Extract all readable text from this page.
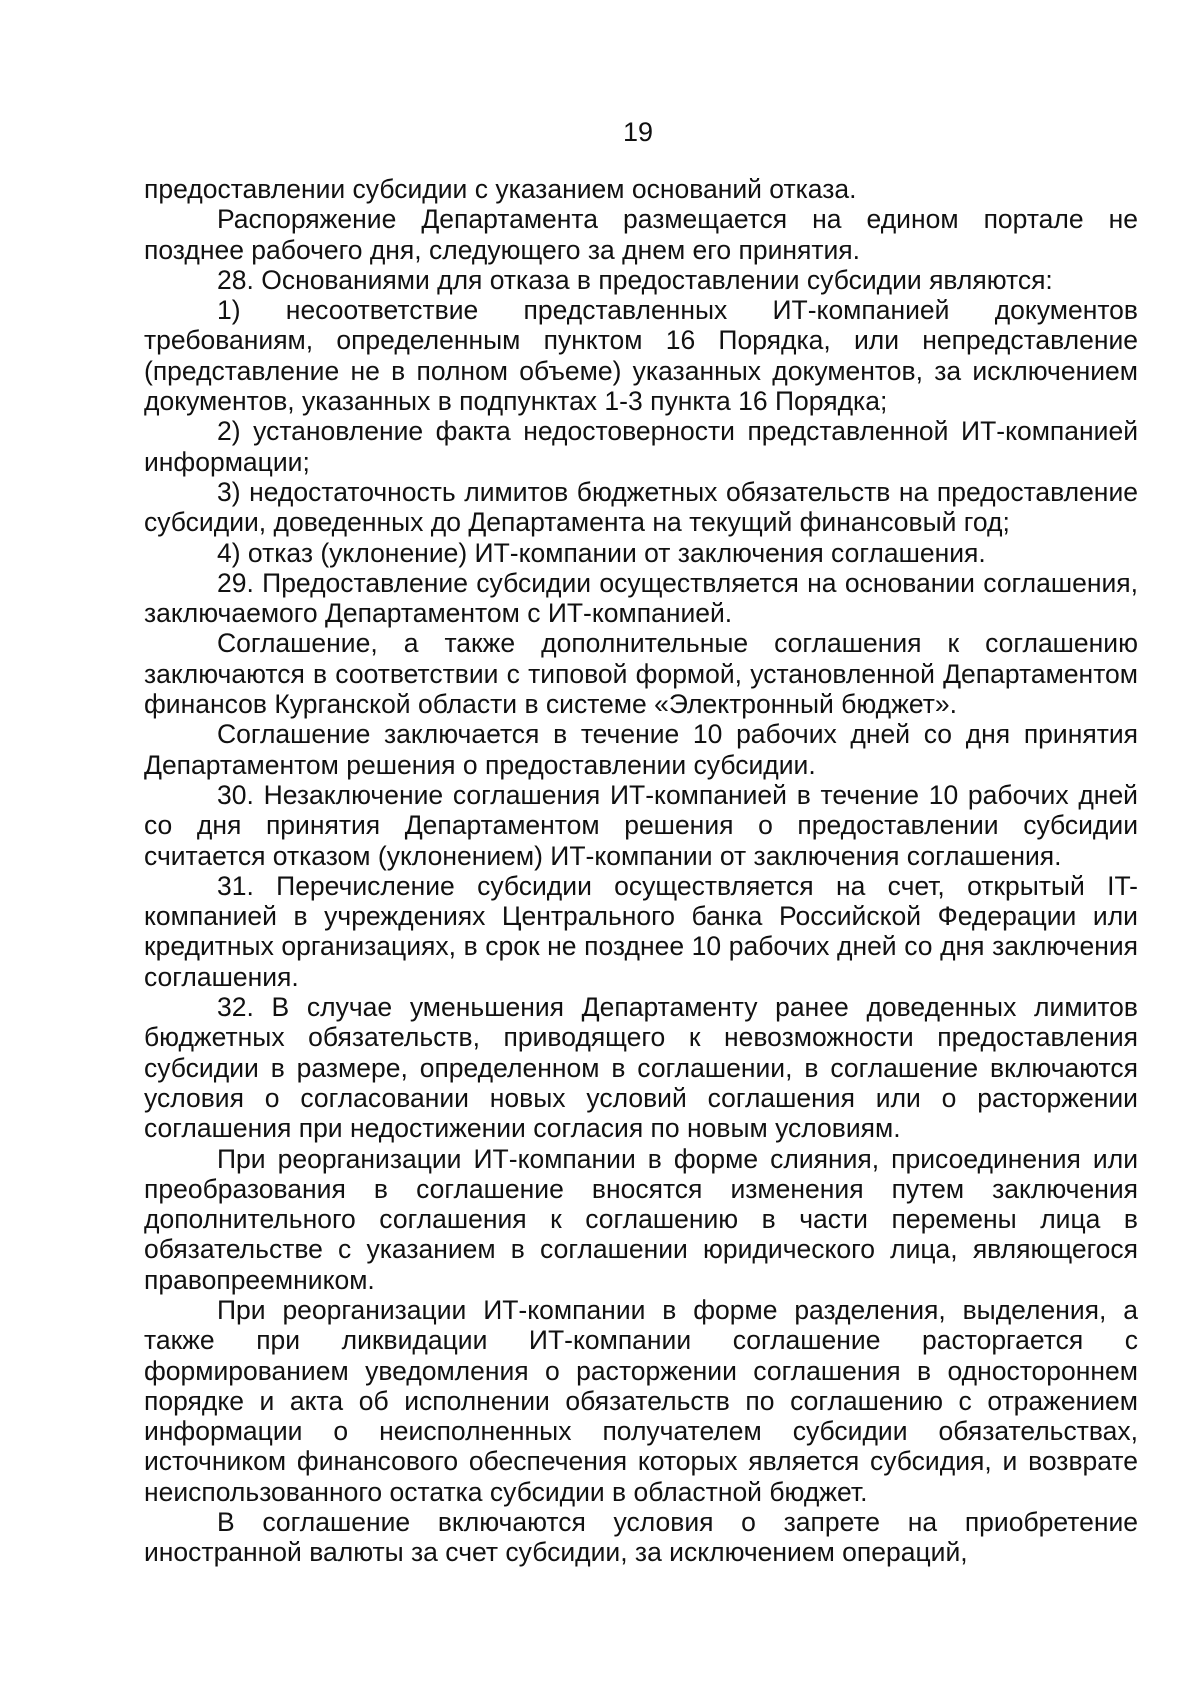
19

предоставлении субсидии с указанием оснований отказа.

Распоряжение Департамента размещается на едином портале не позднее рабочего дня, следующего за днем его принятия.

28. Основаниями для отказа в предоставлении субсидии являются:

1) несоответствие представленных ИТ-компанией документов требованиям, определенным пунктом 16 Порядка, или непредставление (представление не в полном объеме) указанных документов, за исключением документов, указанных в подпунктах 1-3 пункта 16 Порядка;

2) установление факта недостоверности представленной ИТ-компанией информации;

3) недостаточность лимитов бюджетных обязательств на предоставление субсидии, доведенных до Департамента на текущий финансовый год;

4) отказ (уклонение) ИТ-компании от заключения соглашения.

29. Предоставление субсидии осуществляется на основании соглашения, заключаемого Департаментом с ИТ-компанией.

Соглашение, а также дополнительные соглашения к соглашению заключаются в соответствии с типовой формой, установленной Департаментом финансов Курганской области в системе «Электронный бюджет».

Соглашение заключается в течение 10 рабочих дней со дня принятия Департаментом решения о предоставлении субсидии.

30. Незаключение соглашения ИТ-компанией в течение 10 рабочих дней со дня принятия Департаментом решения о предоставлении субсидии считается отказом (уклонением) ИТ-компании от заключения соглашения.

31. Перечисление субсидии осуществляется на счет, открытый IT-компанией в учреждениях Центрального банка Российской Федерации или кредитных организациях, в срок не позднее 10 рабочих дней со дня заключения соглашения.

32. В случае уменьшения Департаменту ранее доведенных лимитов бюджетных обязательств, приводящего к невозможности предоставления субсидии в размере, определенном в соглашении, в соглашение включаются условия о согласовании новых условий соглашения или о расторжении соглашения при недостижении согласия по новым условиям.

При реорганизации ИТ-компании в форме слияния, присоединения или преобразования в соглашение вносятся изменения путем заключения дополнительного соглашения к соглашению в части перемены лица в обязательстве с указанием в соглашении юридического лица, являющегося правопреемником.

При реорганизации ИТ-компании в форме разделения, выделения, а также при ликвидации ИТ-компании соглашение расторгается с формированием уведомления о расторжении соглашения в одностороннем порядке и акта об исполнении обязательств по соглашению с отражением информации о неисполненных получателем субсидии обязательствах, источником финансового обеспечения которых является субсидия, и возврате неиспользованного остатка субсидии в областной бюджет.

В соглашение включаются условия о запрете на приобретение иностранной валюты за счет субсидии, за исключением операций,
